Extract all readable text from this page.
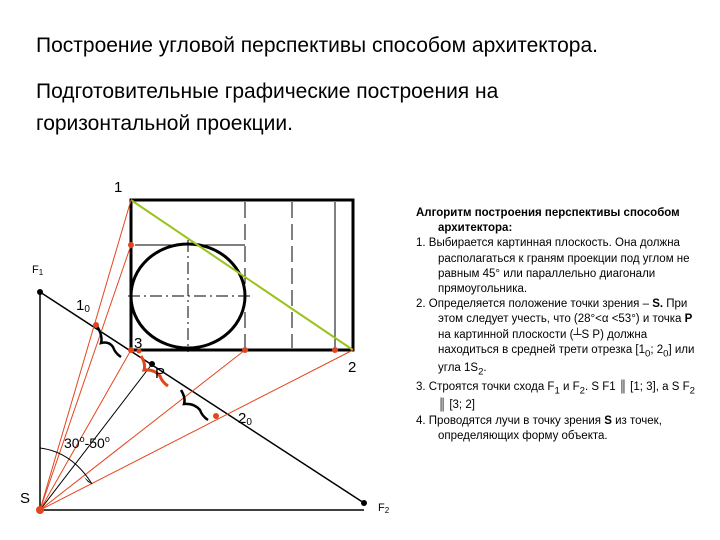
Построение угловой перспективы способом архитектора.
Подготовительные графические построения на горизонтальной проекции.
1
2
3
P
S
10
20
F1
F2
$30^о-50^о$

Алгоритм построения перспективы способом архитектора:

1. Выбирается картинная плоскость. Она должна располагаться к граням проекции под углом не равным 45° или параллельно диагонали прямоугольника.

2. Определяется положение точки зрения – S. При этом следует учесть, что (28°<α <53°) и точка P на картинной плоскости (┴S P) должна находиться в средней трети отрезка [$1_0$; $2_0$] или угла $1S_2$.

3. Строятся точки схода $F_1$ и $F_2$. S F1 ║ [1; 3], а S $F_2$ ║ [3; 2]

4. Проводятся лучи в точку зрения S из точек, определяющих форму объекта.
